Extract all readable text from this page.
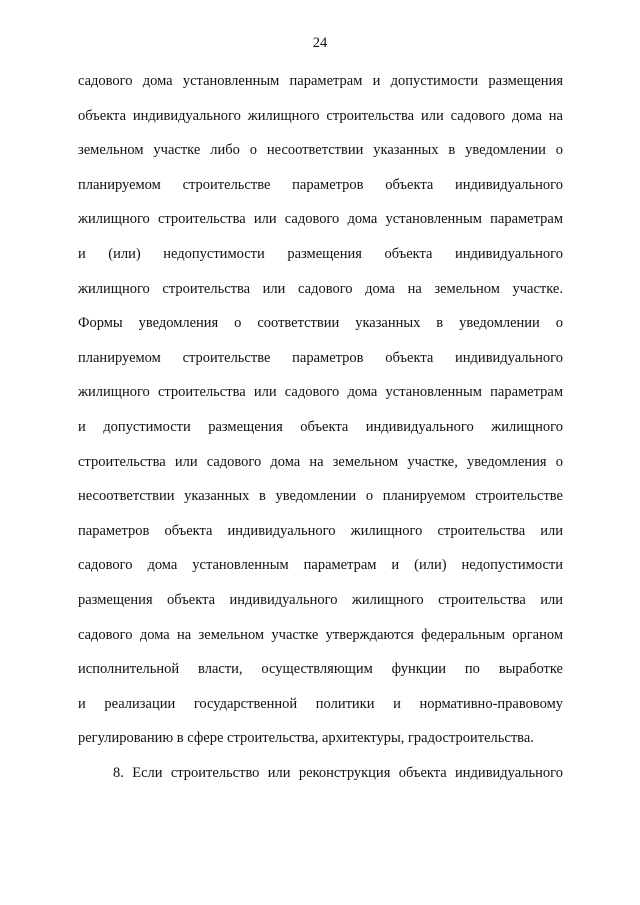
24
садового дома установленным параметрам и допустимости размещения
объекта индивидуального жилищного строительства или садового дома на
земельном участке либо о несоответствии указанных в уведомлении о
планируемом строительстве параметров объекта индивидуального
жилищного строительства или садового дома установленным параметрам
и (или) недопустимости размещения объекта индивидуального
жилищного строительства или садового дома на земельном участке.
Формы уведомления о соответствии указанных в уведомлении о
планируемом строительстве параметров объекта индивидуального
жилищного строительства или садового дома установленным параметрам
и допустимости размещения объекта индивидуального жилищного
строительства или садового дома на земельном участке, уведомления о
несоответствии указанных в уведомлении о планируемом строительстве
параметров объекта индивидуального жилищного строительства или
садового дома установленным параметрам и (или) недопустимости
размещения объекта индивидуального жилищного строительства или
садового дома на земельном участке утверждаются федеральным органом
исполнительной власти, осуществляющим функции по выработке
и реализации государственной политики и нормативно-правовому
регулированию в сфере строительства, архитектуры, градостроительства.
8. Если строительство или реконструкция объекта индивидуального
